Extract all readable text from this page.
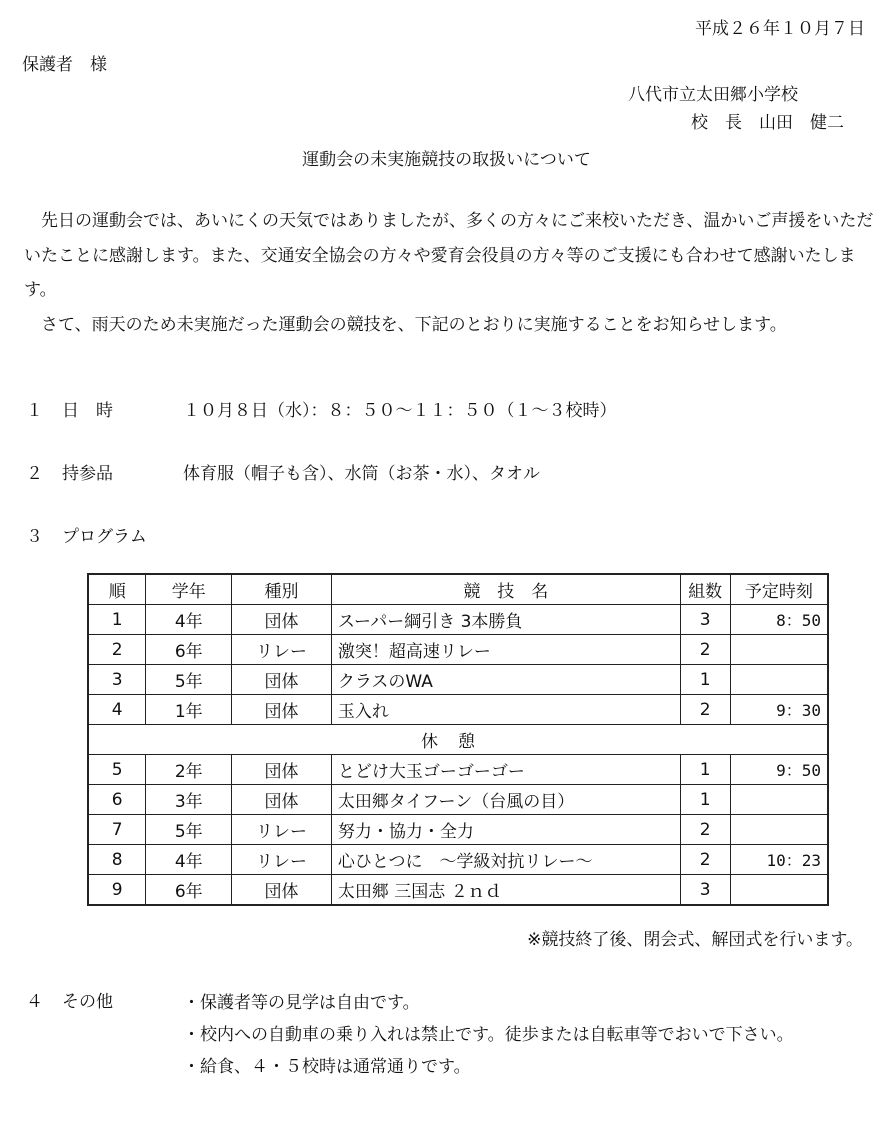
平成２６年１０月７日
保護者　様
八代市立太田郷小学校
校　長　山田　健二
運動会の未実施競技の取扱いについて

先日の運動会では、あいにくの天気ではありましたが、多くの方々にご来校いただき、温かいご声援をいただいたことに感謝します。また、交通安全協会の方々や愛育会役員の方々等のご支援にも合わせて感謝いたします。

さて、雨天のため未実施だった運動会の競技を、下記のとおりに実施することをお知らせします。

１ 日　時	１０月８日（水）：８：５０～１１：５０（１～３校時）
２ 持参品	体育服（帽子も含）、水筒（お茶・水）、タオル
３ プログラム
順	学年	種別	競　技　名	組数	予定時刻
1	4年	団体	スーパー綱引き 3本勝負	3	8：50
2	6年	リレー	激突！超高速リレー	2	
3	5年	団体	クラスのWA	1	
4	1年	団体	玉入れ	2	9：30
休憩					
5	2年	団体	とどけ大玉ゴーゴーゴー	1	9：50
6	3年	団体	太田郷タイフーン（台風の目）	1	
7	5年	リレー	努力・協力・全力	2	
8	4年	リレー	心ひとつに　～学級対抗リレー～	2	10：23
9	6年	団体	太田郷 三国志 ２ｎｄ	3	
※競技終了後、閉会式、解団式を行います。
４ その他	・保護者等の見学は自由です。
・校内への自動車の乗り入れは禁止です。徒歩または自転車等でおいで下さい。
・給食、４・５校時は通常通りです。
